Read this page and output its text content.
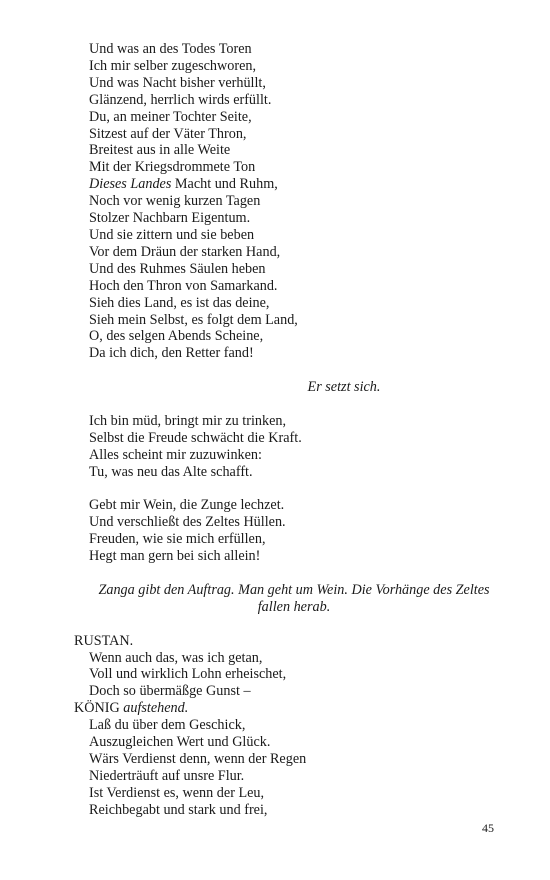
Und was an des Todes Toren
Ich mir selber zugeschworen,
Und was Nacht bisher verhüllt,
Glänzend, herrlich wirds erfüllt.
Du, an meiner Tochter Seite,
Sitzest auf der Väter Thron,
Breitest aus in alle Weite
Mit der Kriegsdrommete Ton
Dieses Landes Macht und Ruhm,
Noch vor wenig kurzen Tagen
Stolzer Nachbarn Eigentum.
Und sie zittern und sie beben
Vor dem Dräun der starken Hand,
Und des Ruhmes Säulen heben
Hoch den Thron von Samarkand.
Sieh dies Land, es ist das deine,
Sieh mein Selbst, es folgt dem Land,
O, des selgen Abends Scheine,
Da ich dich, den Retter fand!
Er setzt sich.
Ich bin müd, bringt mir zu trinken,
Selbst die Freude schwächt die Kraft.
Alles scheint mir zuzuwinken:
Tu, was neu das Alte schafft.
Gebt mir Wein, die Zunge lechzet.
Und verschließt des Zeltes Hüllen.
Freuden, wie sie mich erfüllen,
Hegt man gern bei sich allein!
Zanga gibt den Auftrag. Man geht um Wein. Die Vorhänge des Zeltes
fallen herab.
RUSTAN.
Wenn auch das, was ich getan,
Voll und wirklich Lohn erheischet,
Doch so übermäßge Gunst –
KÖNIG aufstehend.
Laß du über dem Geschick,
Auszugleichen Wert und Glück.
Wärs Verdienst denn, wenn der Regen
Niederträuft auf unsre Flur.
Ist Verdienst es, wenn der Leu,
Reichbegabt und stark und frei,
45
